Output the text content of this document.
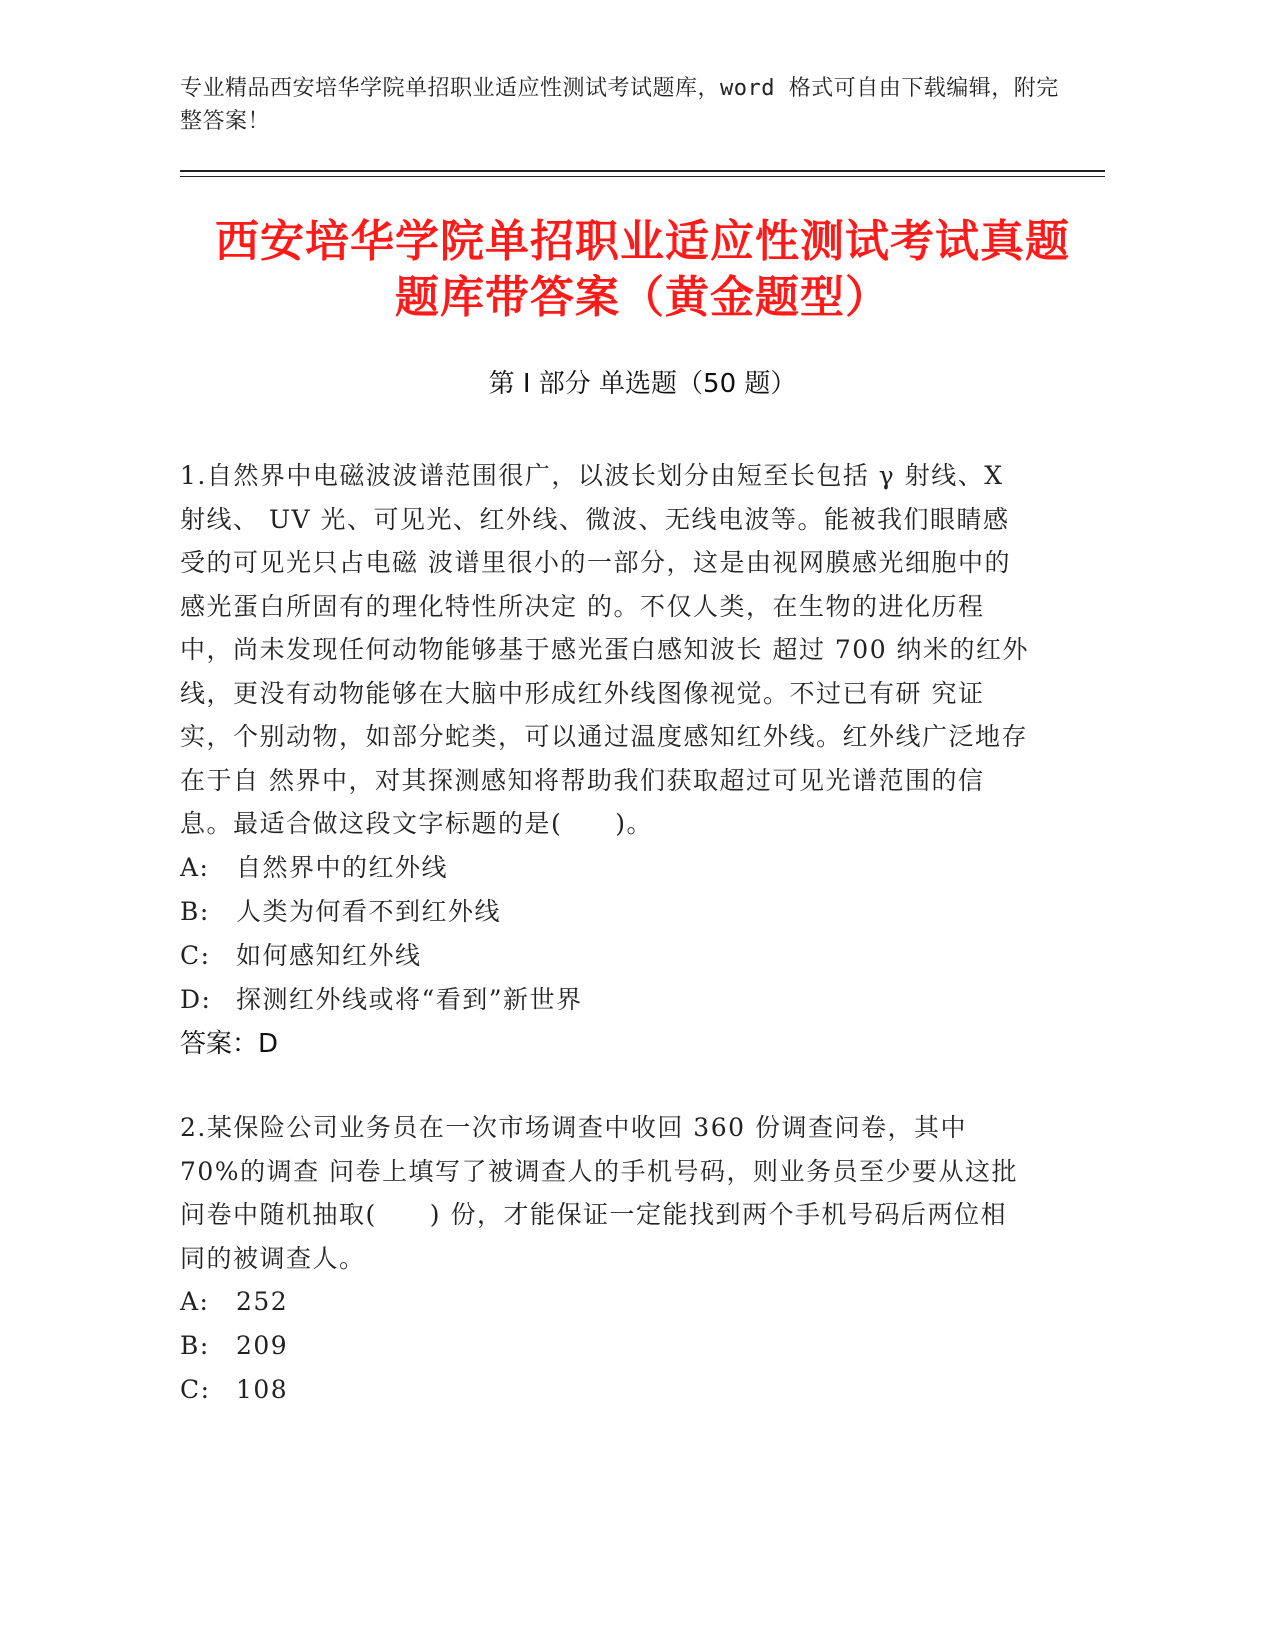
专业精品西安培华学院单招职业适应性测试考试题库，word 格式可自由下载编辑，附完整答案！
西安培华学院单招职业适应性测试考试真题
题库带答案（黄金题型）
第 I 部分 单选题（50 题）

1.自然界中电磁波波谱范围很广，以波长划分由短至长包括 γ 射线、X 射线、 UV 光、可见光、红外线、微波、无线电波等。能被我们眼睛感受的可见光只占电磁 波谱里很小的一部分，这是由视网膜感光细胞中的感光蛋白所固有的理化特性所决定 的。不仅人类，在生物的进化历程中，尚未发现任何动物能够基于感光蛋白感知波长 超过 700 纳米的红外线，更没有动物能够在大脑中形成红外线图像视觉。不过已有研 究证实，个别动物，如部分蛇类，可以通过温度感知红外线。红外线广泛地存在于自 然界中，对其探测感知将帮助我们获取超过可见光谱范围的信息。最适合做这段文字标题的是(　　)。

A:	自然界中的红外线
B:	人类为何看不到红外线
C:	如何感知红外线
D: 探测红外线或将“看到”新世界
答案：D

2.某保险公司业务员在一次市场调查中收回 360 份调查问卷，其中 70%的调查 问卷上填写了被调查人的手机号码，则业务员至少要从这批问卷中随机抽取(　　) 份，才能保证一定能找到两个手机号码后两位相同的被调查人。

A:	252
B:	209
C:	108
